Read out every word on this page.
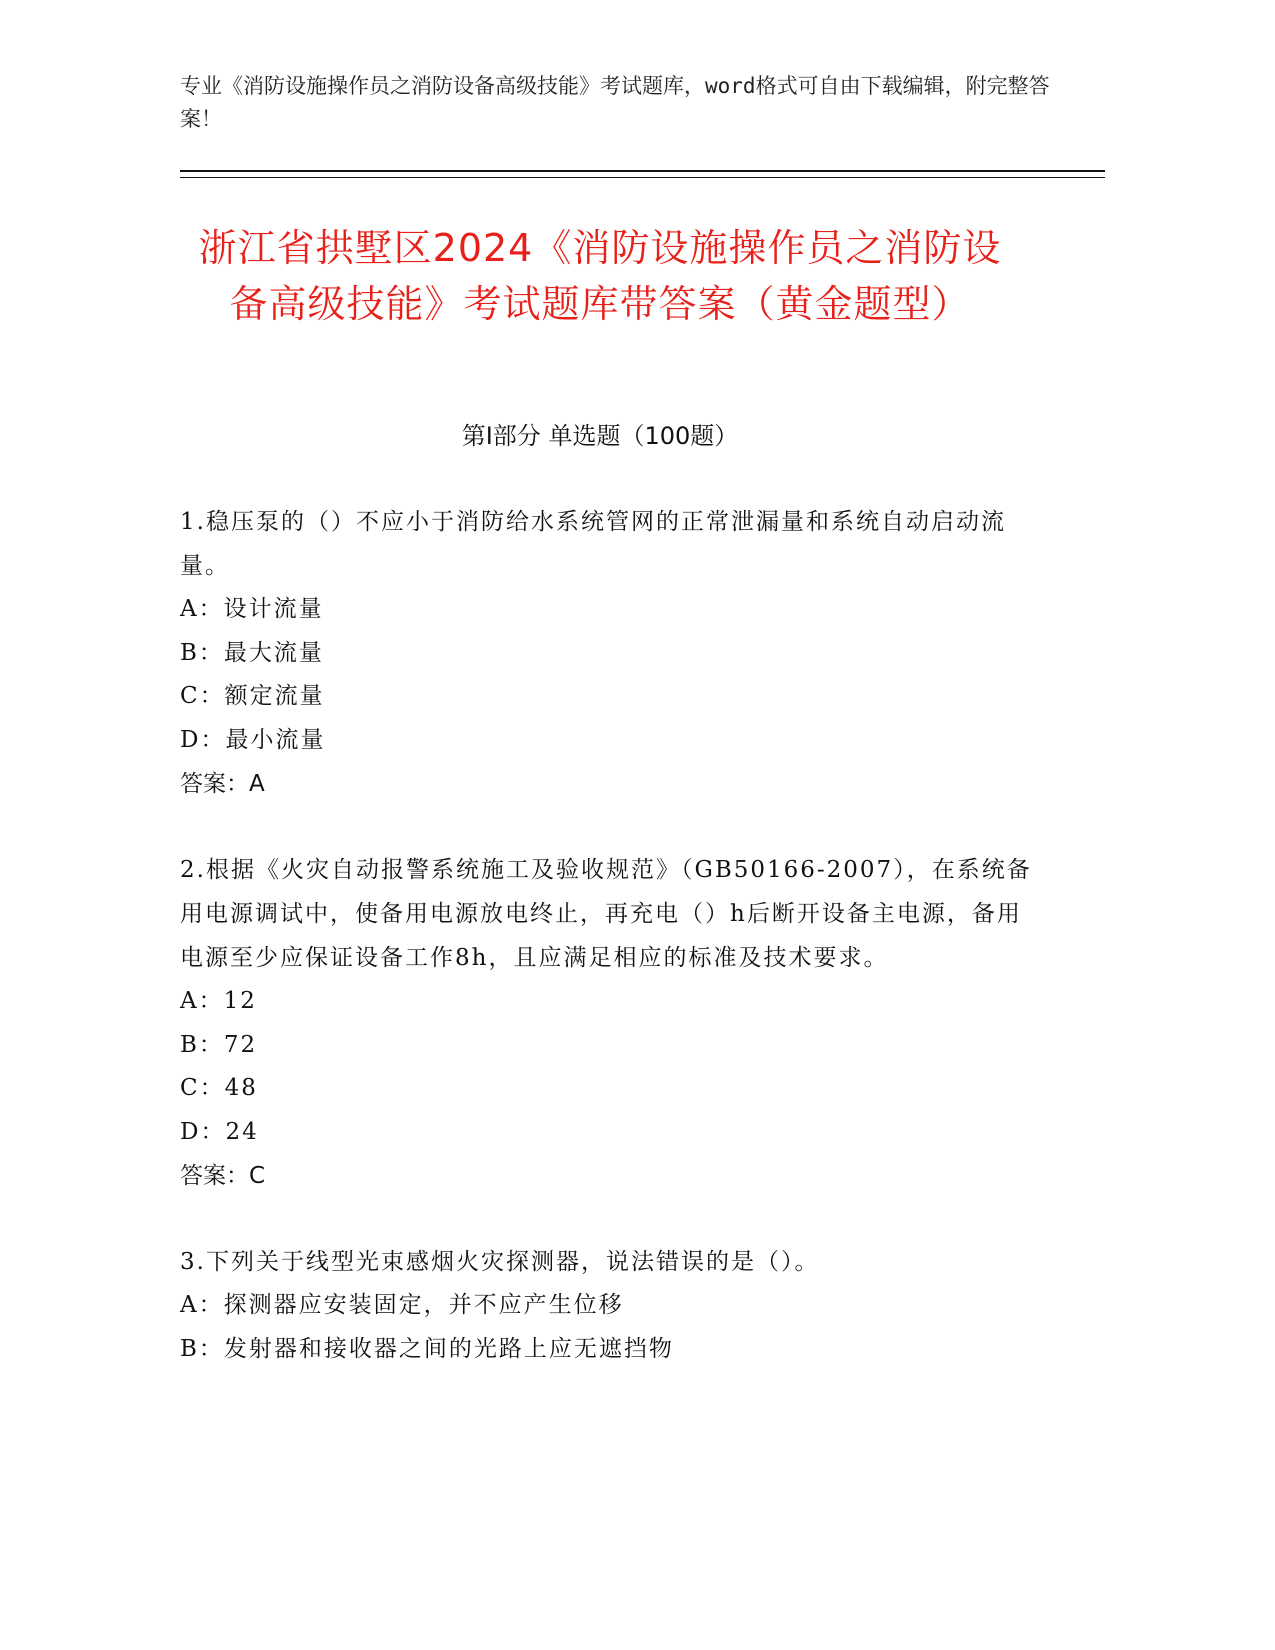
专业《消防设施操作员之消防设备高级技能》考试题库，word格式可自由下载编辑，附完整答案！
浙江省拱墅区2024《消防设施操作员之消防设备高级技能》考试题库带答案（黄金题型）
第Ⅰ部分 单选题（100题）
1.稳压泵的（）不应小于消防给水系统管网的正常泄漏量和系统自动启动流量。
A：设计流量
B：最大流量
C：额定流量
D：最小流量
答案：A
2.根据《火灾自动报警系统施工及验收规范》（GB50166-2007），在系统备用电源调试中，使备用电源放电终止，再充电（）h后断开设备主电源，备用电源至少应保证设备工作8h，且应满足相应的标准及技术要求。
A：12
B：72
C：48
D：24
答案：C
3.下列关于线型光束感烟火灾探测器，说法错误的是（）。
A：探测器应安装固定，并不应产生位移
B：发射器和接收器之间的光路上应无遮挡物
